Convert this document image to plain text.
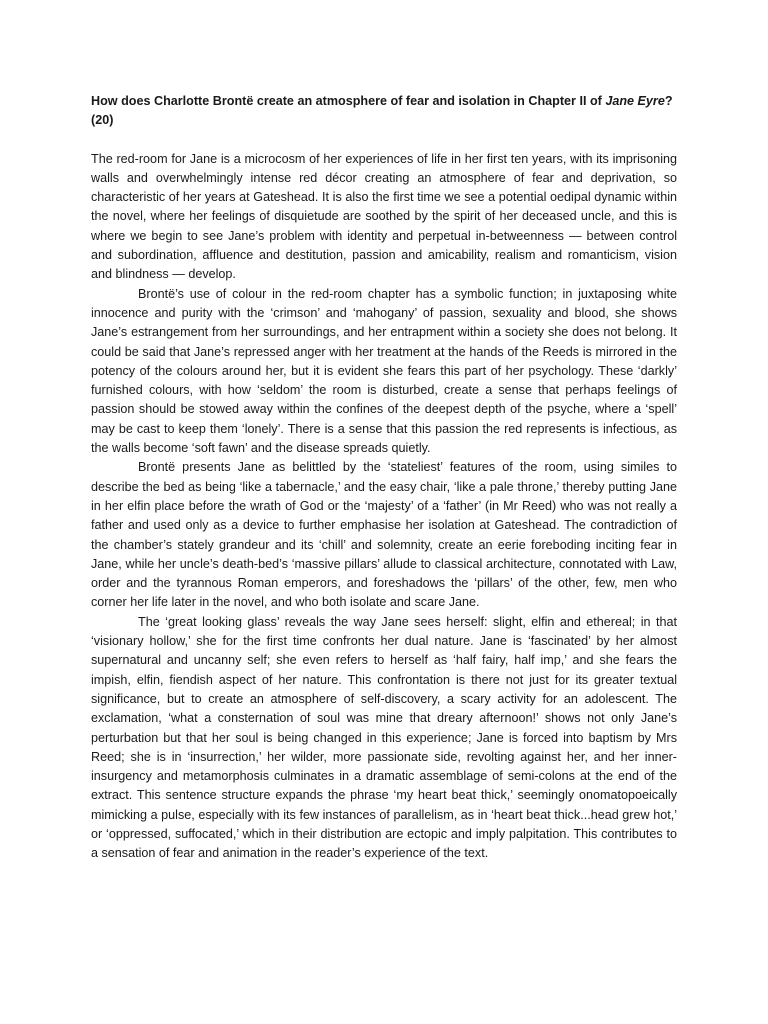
How does Charlotte Brontë create an atmosphere of fear and isolation in Chapter II of Jane Eyre? (20)

The red-room for Jane is a microcosm of her experiences of life in her first ten years, with its imprisoning walls and overwhelmingly intense red décor creating an atmosphere of fear and deprivation, so characteristic of her years at Gateshead. It is also the first time we see a potential oedipal dynamic within the novel, where her feelings of disquietude are soothed by the spirit of her deceased uncle, and this is where we begin to see Jane’s problem with identity and perpetual in-betweenness — between control and subordination, affluence and destitution, passion and amicability, realism and romanticism, vision and blindness — develop.

Brontë’s use of colour in the red-room chapter has a symbolic function; in juxtaposing white innocence and purity with the ‘crimson’ and ‘mahogany’ of passion, sexuality and blood, she shows Jane’s estrangement from her surroundings, and her entrapment within a society she does not belong. It could be said that Jane’s repressed anger with her treatment at the hands of the Reeds is mirrored in the potency of the colours around her, but it is evident she fears this part of her psychology. These ‘darkly’ furnished colours, with how ‘seldom’ the room is disturbed, create a sense that perhaps feelings of passion should be stowed away within the confines of the deepest depth of the psyche, where a ‘spell’ may be cast to keep them ‘lonely’. There is a sense that this passion the red represents is infectious, as the walls become ‘soft fawn’ and the disease spreads quietly.

Brontë presents Jane as belittled by the ‘stateliest’ features of the room, using similes to describe the bed as being ‘like a tabernacle,’ and the easy chair, ‘like a pale throne,’ thereby putting Jane in her elfin place before the wrath of God or the ‘majesty’ of a ‘father’ (in Mr Reed) who was not really a father and used only as a device to further emphasise her isolation at Gateshead. The contradiction of the chamber’s stately grandeur and its ‘chill’ and solemnity, create an eerie foreboding inciting fear in Jane, while her uncle’s death-bed’s ‘massive pillars’ allude to classical architecture, connotated with Law, order and the tyrannous Roman emperors, and foreshadows the ‘pillars’ of the other, few, men who corner her life later in the novel, and who both isolate and scare Jane.

The ‘great looking glass’ reveals the way Jane sees herself: slight, elfin and ethereal; in that ‘visionary hollow,’ she for the first time confronts her dual nature. Jane is ‘fascinated’ by her almost supernatural and uncanny self; she even refers to herself as ‘half fairy, half imp,’ and she fears the impish, elfin, fiendish aspect of her nature. This confrontation is there not just for its greater textual significance, but to create an atmosphere of self-discovery, a scary activity for an adolescent. The exclamation, ‘what a consternation of soul was mine that dreary afternoon!’ shows not only Jane’s perturbation but that her soul is being changed in this experience; Jane is forced into baptism by Mrs Reed; she is in ‘insurrection,’ her wilder, more passionate side, revolting against her, and her inner-insurgency and metamorphosis culminates in a dramatic assemblage of semi-colons at the end of the extract. This sentence structure expands the phrase ‘my heart beat thick,’ seemingly onomatopoeically mimicking a pulse, especially with its few instances of parallelism, as in ‘heart beat thick...head grew hot,’ or ‘oppressed, suffocated,’ which in their distribution are ectopic and imply palpitation. This contributes to a sensation of fear and animation in the reader’s experience of the text.
